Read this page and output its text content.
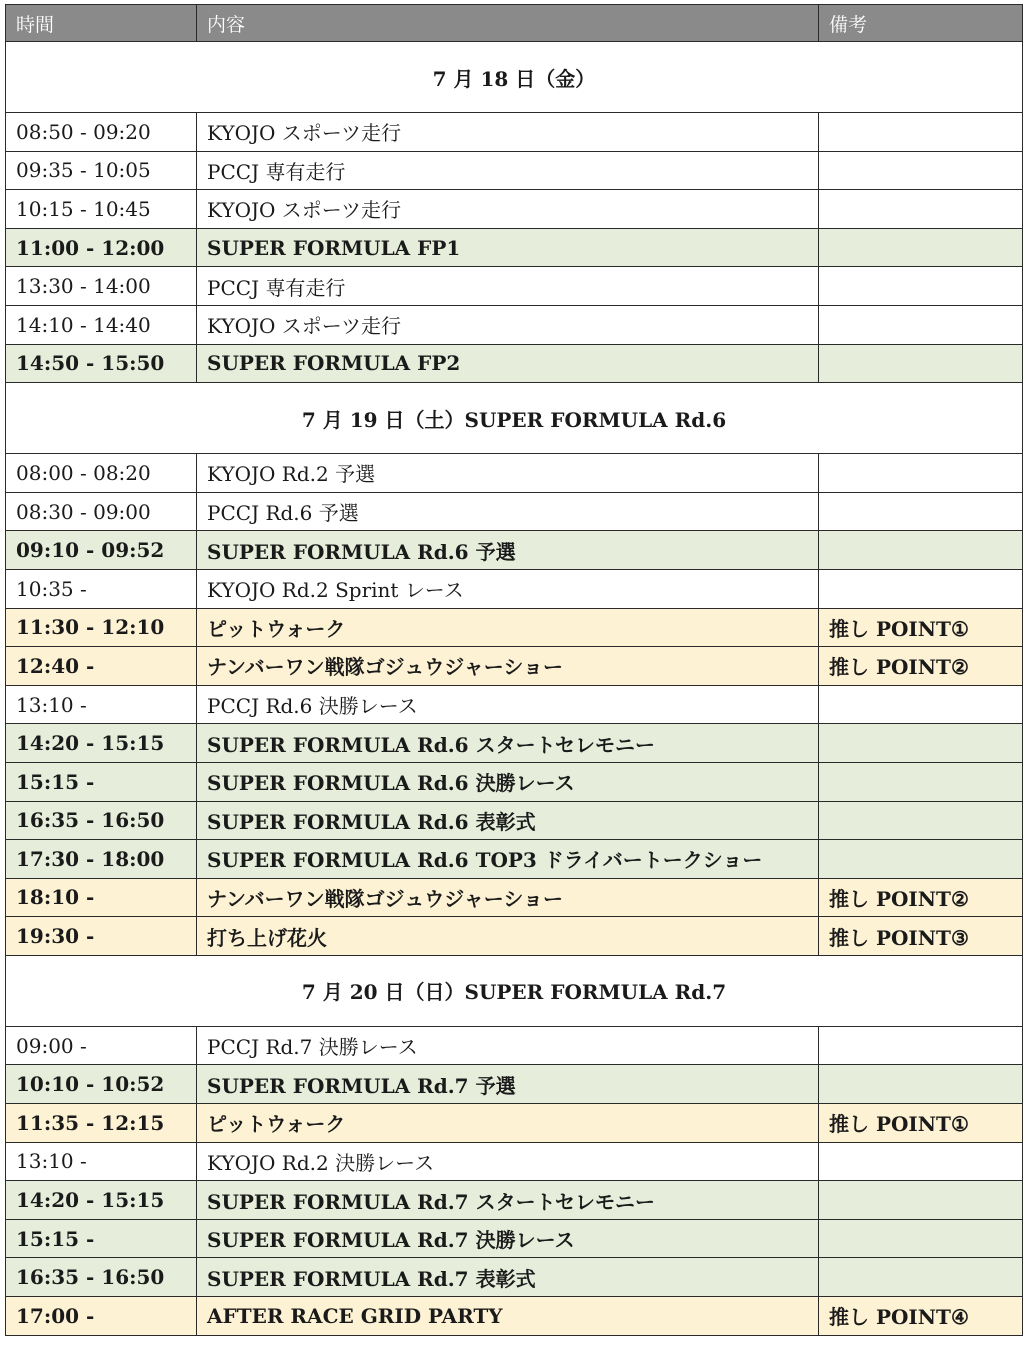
時間	内容	備考
7 月 18 日（金）		
08:50 - 09:20	KYOJO スポーツ走行	
09:35 - 10:05	PCCJ 専有走行	
10:15 - 10:45	KYOJO スポーツ走行	
11:00 - 12:00	SUPER FORMULA FP1	
13:30 - 14:00	PCCJ 専有走行	
14:10 - 14:40	KYOJO スポーツ走行	
14:50 - 15:50	SUPER FORMULA FP2	
7 月 19 日（土）SUPER FORMULA Rd.6		
08:00 - 08:20	KYOJO Rd.2 予選	
08:30 - 09:00	PCCJ Rd.6 予選	
09:10 - 09:52	SUPER FORMULA Rd.6 予選	
10:35 -	KYOJO Rd.2 Sprint レース	
11:30 - 12:10	ピットウォーク	推し POINT①
12:40 -	ナンバーワン戦隊ゴジュウジャーショー	推し POINT②
13:10 -	PCCJ Rd.6 決勝レース	
14:20 - 15:15	SUPER FORMULA Rd.6 スタートセレモニー	
15:15 -	SUPER FORMULA Rd.6 決勝レース	
16:35 - 16:50	SUPER FORMULA Rd.6 表彰式	
17:30 - 18:00	SUPER FORMULA Rd.6 TOP3 ドライバートークショー	
18:10 -	ナンバーワン戦隊ゴジュウジャーショー	推し POINT②
19:30 -	打ち上げ花火	推し POINT③
7 月 20 日（日）SUPER FORMULA Rd.7		
09:00 -	PCCJ Rd.7 決勝レース	
10:10 - 10:52	SUPER FORMULA Rd.7 予選	
11:35 - 12:15	ピットウォーク	推し POINT①
13:10 -	KYOJO Rd.2 決勝レース	
14:20 - 15:15	SUPER FORMULA Rd.7 スタートセレモニー	
15:15 -	SUPER FORMULA Rd.7 決勝レース	
16:35 - 16:50	SUPER FORMULA Rd.7 表彰式	
17:00 -	AFTER RACE GRID PARTY	推し POINT④
